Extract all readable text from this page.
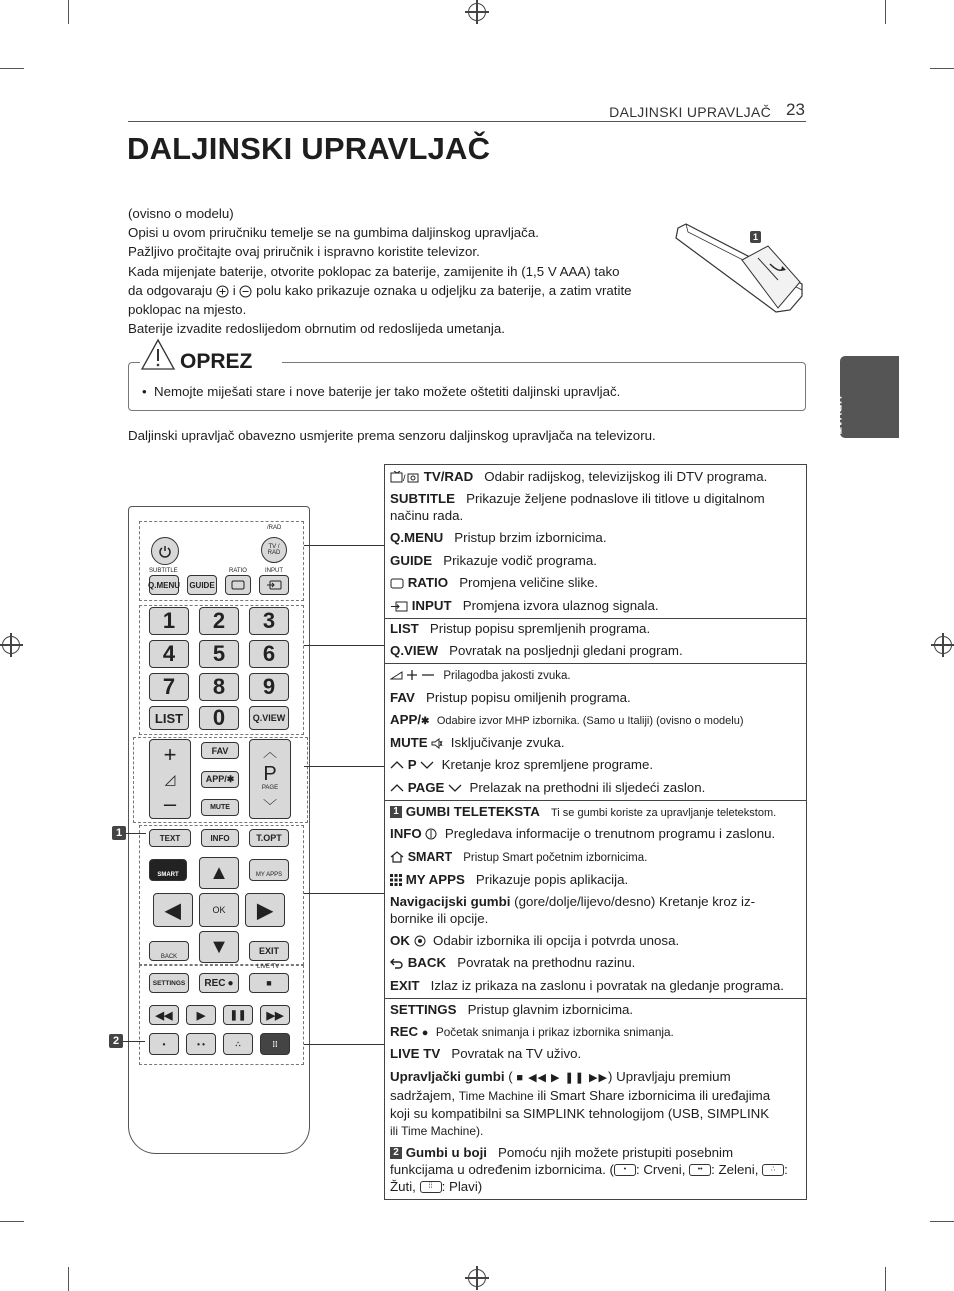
DALJINSKI UPRAVLJAČ 23
DALJINSKI UPRAVLJAČ
HRVATSKI
(ovisno o modelu)
Opisi u ovom priručniku temelje se na gumbima daljinskog upravljača.
Pažljivo pročitajte ovaj priručnik i ispravno koristite televizor.
Kada mijenjate baterije, otvorite poklopac za baterije, zamijenite ih (1,5 V AAA) tako
da odgovaraju i polu kako prikazuje oznaka u odjeljku za baterije, a zatim vratite
poklopac na mjesto.
Baterije izvadite redoslijedom obrnutim od redoslijeda umetanja.
1
OPREZ
•  Nemojte miješati stare i nove baterije jer tako možete oštetiti daljinski upravljač.
Daljinski upravljač obavezno usmjerite prema senzoru daljinskog upravljača na televizoru.
/RAD
TV / RAD
SUBTITLE	RATIO	INPUT
Q.MENU GUIDE
1	2	3
4	5	6
7	8	9
LIST	0	Q.VIEW
+
◿
–
FAV
APP/✱
MUTE
︿
P
PAGE
﹀
TEXT	INFO	T.OPT
SMART	MY APPS
▲
◀	OK	▶
▼
BACK
EXIT
LIVE TV
SETTINGS	REC ●	■
◀◀	▶	❚❚	▶▶
•	• •	∴	⁞⁞
1
2
/ TV/RAD Odabir radijskog, televizijskog ili DTV programa.
SUBTITLE Prikazuje željene podnaslove ili titlove u digitalnom
načinu rada.
Q.MENU Pristup brzim izbornicima.
GUIDE Prikazuje vodič programa.
RATIO Promjena veličine slike.
INPUT Promjena izvora ulaznog signala.
LIST Pristup popisu spremljenih programa.
Q.VIEW Povratak na posljednji gledani program.
Prilagodba jakosti zvuka.
FAV Pristup popisu omiljenih programa.
APP/✱ Odabire izvor MHP izbornika. (Samo u Italiji) (ovisno o modelu)
MUTE Isključivanje zvuka.
P Kretanje kroz spremljene programe.
PAGE Prelazak na prethodni ili sljedeći zaslon.
1 GUMBI TELETEKSTA Ti se gumbi koriste za upravljanje teletekstom.
INFO Pregledava informacije o trenutnom programu i zaslonu.
SMART Pristup Smart početnim izbornicima.
MY APPS Prikazuje popis aplikacija.
Navigacijski gumbi (gore/dolje/lijevo/desno) Kretanje kroz iz-
bornike ili opcije.
OK Odabir izbornika ili opcija i potvrda unosa.
BACK Povratak na prethodnu razinu.
EXIT Izlaz iz prikaza na zaslonu i povratak na gledanje programa.
SETTINGS Pristup glavnim izbornicima.
REC ● Početak snimanja i prikaz izbornika snimanja.
LIVE TV Povratak na TV uživo.
Upravljački gumbi ( ■ ◀◀ ▶ ❚❚ ▶▶) Upravljaju premium
sadržajem, Time Machine ili Smart Share izbornicima ili uređajima
koji su kompatibilni sa SIMPLINK tehnologijom (USB, SIMPLINK
ili Time Machine).
2 Gumbi u boji Pomoću njih možete pristupiti posebnim
funkcijama u određenim izbornicima. ( • : Crveni, •• : Zeleni, ∴ :
Žuti, ⁞⁞ : Plavi)
